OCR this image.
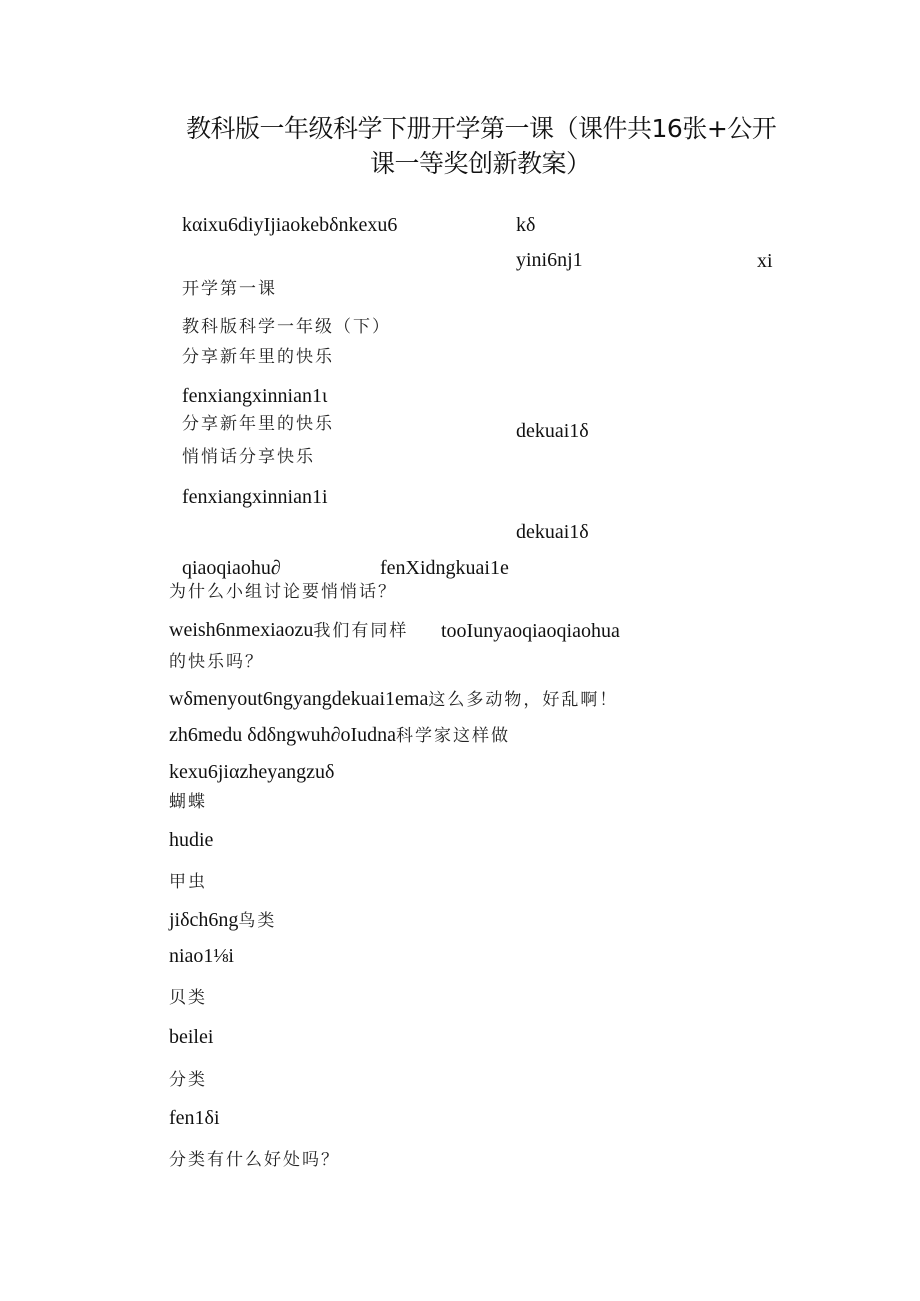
教科版一年级科学下册开学第一课（课件共16张+公开
课一等奖创新教案）
kαixu6diyIjiaokebδnkexu6	kδ
yini6nj1	xi
开学第一课
教科版科学一年级（下）
分享新年里的快乐
fenxiangxinnian1ι
分享新年里的快乐	dekuai1δ
悄悄话分享快乐
fenxiangxinnian1i
dekuai1δ
qiaoqiaohu∂	fenXidngkuai1e
为什么小组讨论要悄悄话？
weish6nmexiaozu我们有同样 tooIunyaoqiaoqiaohua
的快乐吗？
wδmenyout6ngyangdekuai1ema这么多动物，好乱啊！
zh6medu δdδngwuh∂oIudna科学家这样做
kexu6jiαzheyangzuδ
蝴蝶
hudie
甲虫
jiδch6ng鸟类
niao1⅛i
贝类
beilei
分类
fen1δi
分类有什么好处吗？
